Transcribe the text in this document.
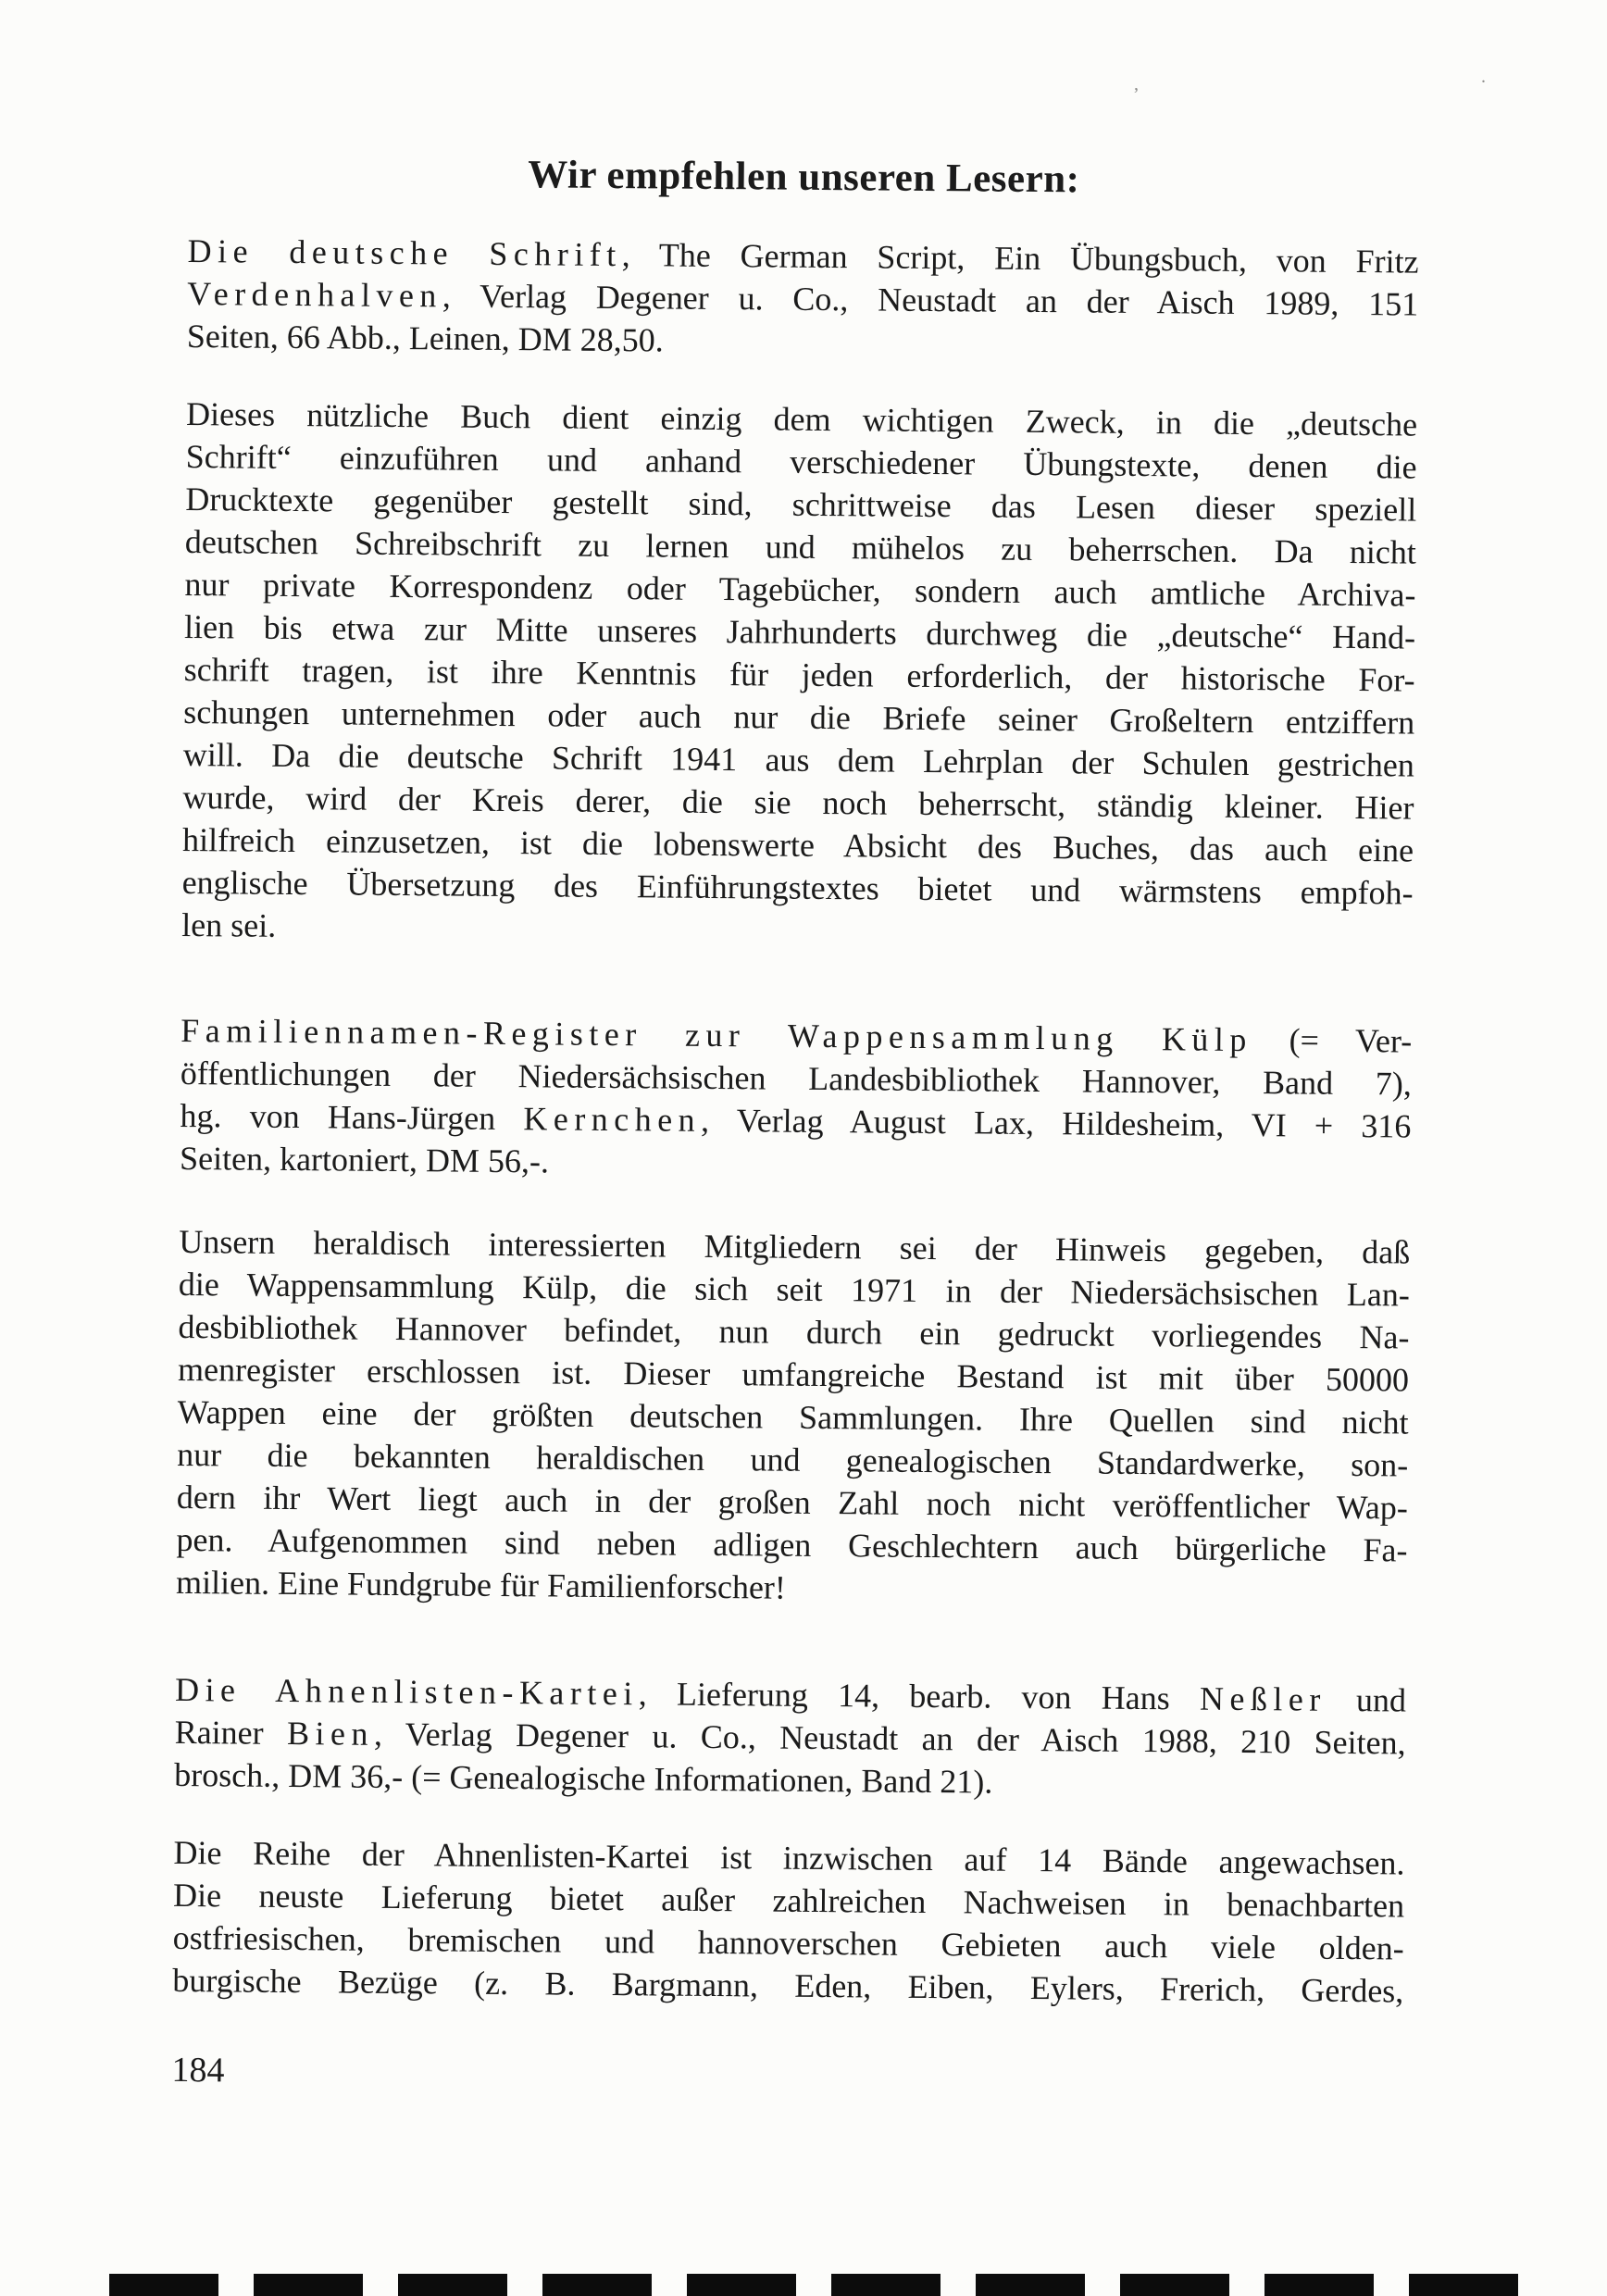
,	.
Wir empfehlen unseren Lesern:
Die deutsche Schrift, The German Script, Ein Übungsbuch, von Fritz
Verdenhalven, Verlag Degener u. Co., Neustadt an der Aisch 1989, 151
Seiten, 66 Abb., Leinen, DM 28,50.
Dieses nützliche Buch dient einzig dem wichtigen Zweck, in die „deutsche
Schrift“ einzuführen und anhand verschiedener Übungstexte, denen die
Drucktexte gegenüber gestellt sind, schrittweise das Lesen dieser speziell
deutschen Schreibschrift zu lernen und mühelos zu beherrschen. Da nicht
nur private Korrespondenz oder Tagebücher, sondern auch amtliche Archiva-
lien bis etwa zur Mitte unseres Jahrhunderts durchweg die „deutsche“ Hand-
schrift tragen, ist ihre Kenntnis für jeden erforderlich, der historische For-
schungen unternehmen oder auch nur die Briefe seiner Großeltern entziffern
will. Da die deutsche Schrift 1941 aus dem Lehrplan der Schulen gestrichen
wurde, wird der Kreis derer, die sie noch beherrscht, ständig kleiner. Hier
hilfreich einzusetzen, ist die lobenswerte Absicht des Buches, das auch eine
englische Übersetzung des Einführungstextes bietet und wärmstens empfoh-
len sei.
Familiennamen-Register zur Wappensammlung Külp (= Ver-
öffentlichungen der Niedersächsischen Landesbibliothek Hannover, Band 7),
hg. von Hans-Jürgen Kernchen, Verlag August Lax, Hildesheim, VI + 316
Seiten, kartoniert, DM 56,-.
Unsern heraldisch interessierten Mitgliedern sei der Hinweis gegeben, daß
die Wappensammlung Külp, die sich seit 1971 in der Niedersächsischen Lan-
desbibliothek Hannover befindet, nun durch ein gedruckt vorliegendes Na-
menregister erschlossen ist. Dieser umfangreiche Bestand ist mit über 50000
Wappen eine der größten deutschen Sammlungen. Ihre Quellen sind nicht
nur die bekannten heraldischen und genealogischen Standardwerke, son-
dern ihr Wert liegt auch in der großen Zahl noch nicht veröffentlicher Wap-
pen. Aufgenommen sind neben adligen Geschlechtern auch bürgerliche Fa-
milien. Eine Fundgrube für Familienforscher!
Die Ahnenlisten-Kartei, Lieferung 14, bearb. von Hans Neßler und
Rainer Bien, Verlag Degener u. Co., Neustadt an der Aisch 1988, 210 Seiten,
brosch., DM 36,- (= Genealogische Informationen, Band 21).
Die Reihe der Ahnenlisten-Kartei ist inzwischen auf 14 Bände angewachsen.
Die neuste Lieferung bietet außer zahlreichen Nachweisen in benachbarten
ostfriesischen, bremischen und hannoverschen Gebieten auch viele olden-
burgische Bezüge (z. B. Bargmann, Eden, Eiben, Eylers, Frerich, Gerdes,
184
